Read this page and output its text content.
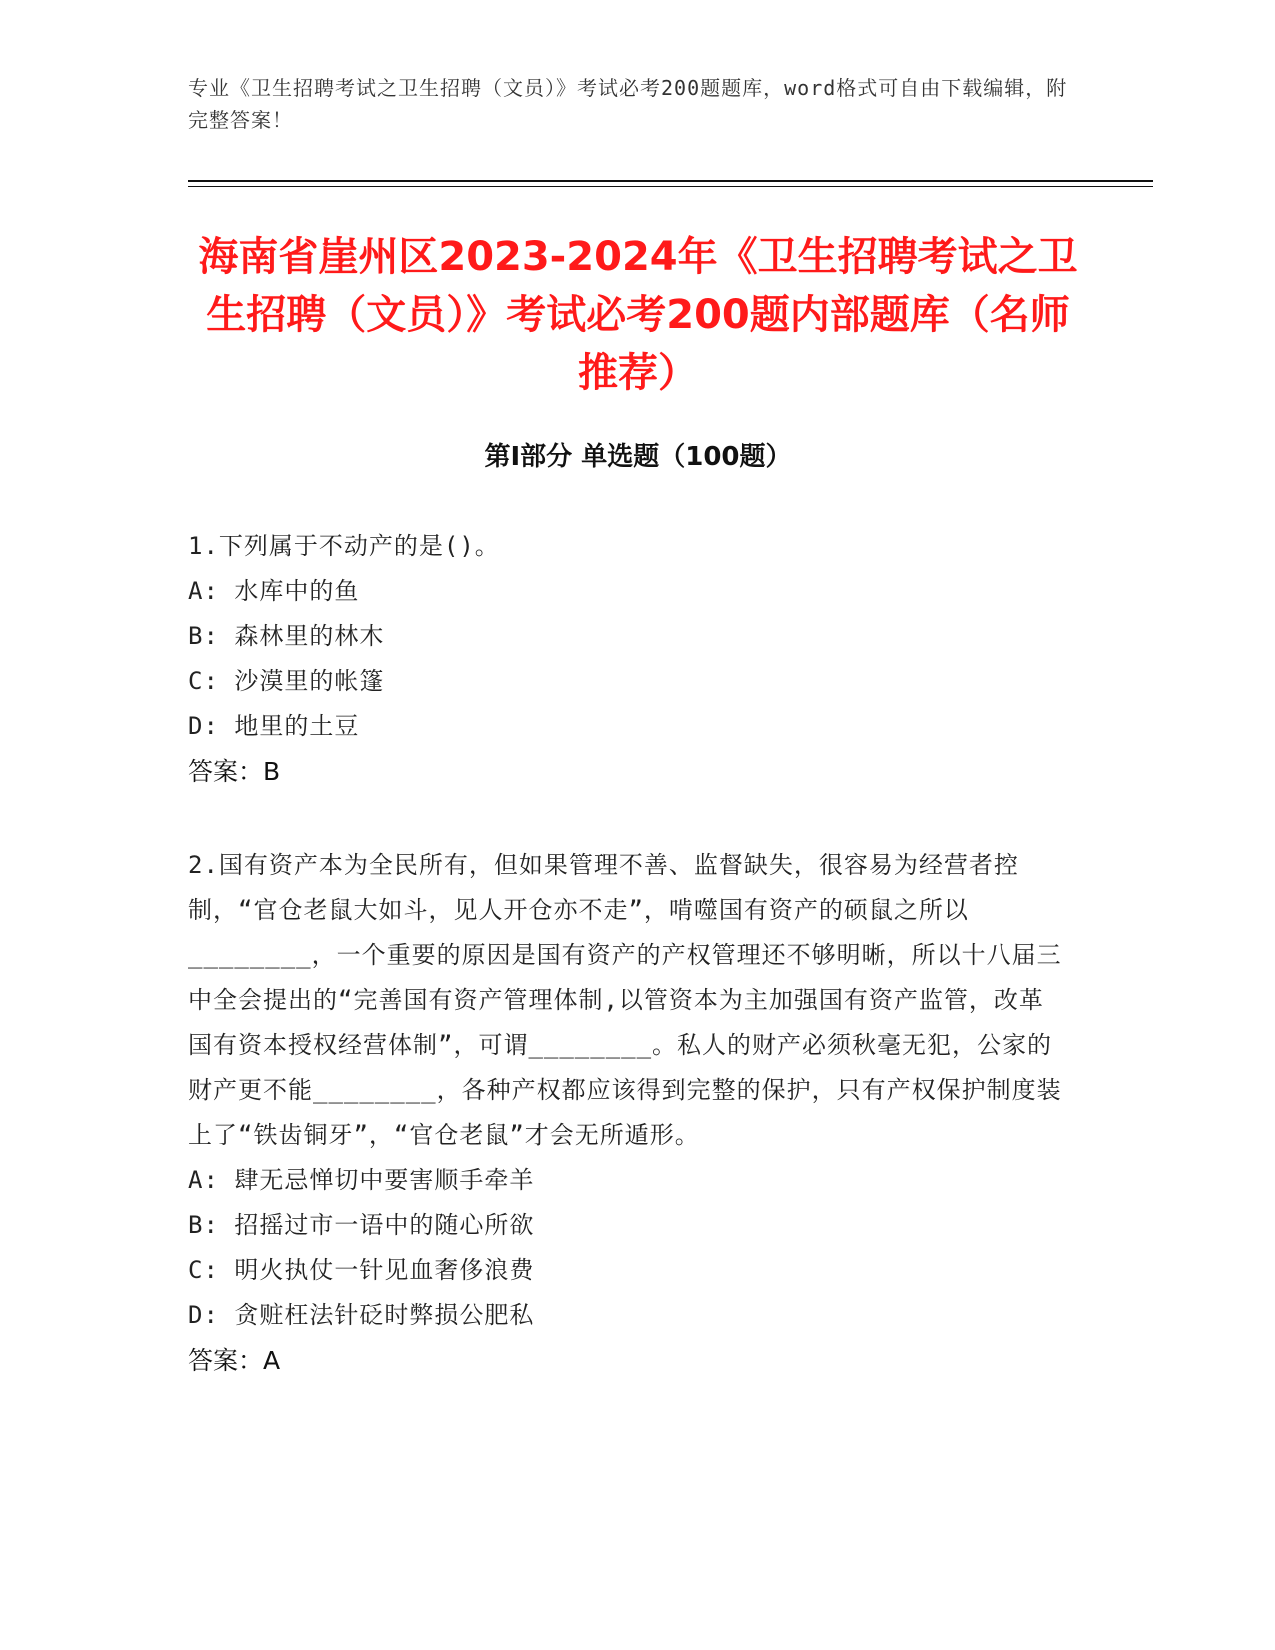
专业《卫生招聘考试之卫生招聘（文员）》考试必考200题题库，word格式可自由下载编辑，附完整答案！
海南省崖州区2023-2024年《卫生招聘考试之卫生招聘（文员）》考试必考200题内部题库（名师推荐）
第I部分 单选题（100题）
1.下列属于不动产的是()。
A: 水库中的鱼
B: 森林里的林木
C: 沙漠里的帐篷
D: 地里的土豆
答案：B
2.国有资产本为全民所有，但如果管理不善、监督缺失，很容易为经营者控制，“官仓老鼠大如斗，见人开仓亦不走”，啃噬国有资产的硕鼠之所以________，一个重要的原因是国有资产的产权管理还不够明晰，所以十八届三中全会提出的“完善国有资产管理体制,以管资本为主加强国有资产监管，改革国有资本授权经营体制”，可谓________。私人的财产必须秋毫无犯，公家的财产更不能________，各种产权都应该得到完整的保护，只有产权保护制度装上了“铁齿铜牙”，“官仓老鼠”才会无所遁形。
A: 肆无忌惮切中要害顺手牵羊
B: 招摇过市一语中的随心所欲
C: 明火执仗一针见血奢侈浪费
D: 贪赃枉法针砭时弊损公肥私
答案：A
